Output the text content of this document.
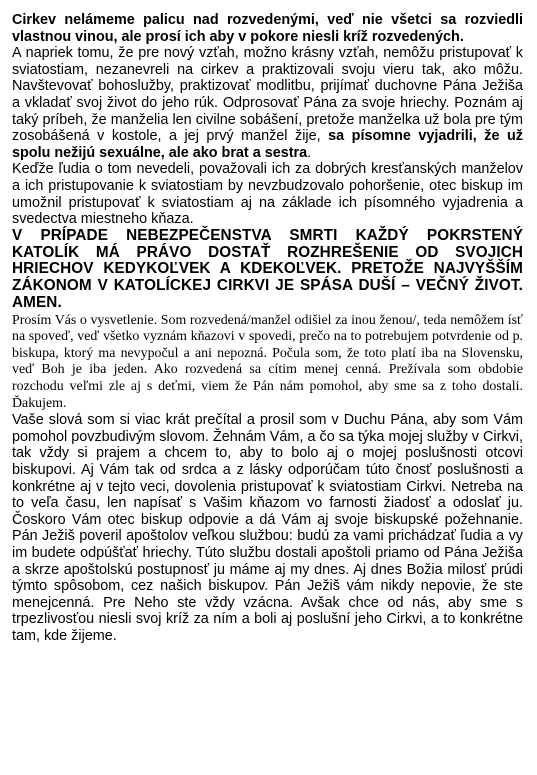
Cirkev nelámeme palicu nad rozvedenými, veď nie všetci sa rozviedli vlastnou vinou, ale prosí ich aby v pokore niesli kríž rozvedených.

A napriek tomu, že pre nový vzťah, možno krásny vzťah, nemôžu pristupovať k sviatostiam, nezanevreli na cirkev a praktizovali svoju vieru tak, ako môžu. Navštevovať bohoslužby, praktizovať modlitbu, prijímať duchovne Pána Ježiša a vkladať svoj život do jeho rúk. Odprosovať Pána za svoje hriechy. Poznám aj taký príbeh, že manželia len civilne sobášení, pretože manželka už bola pre tým zosobášená v kostole, a jej prvý manžel žije, sa písomne vyjadrili, že už spolu nežijú sexuálne, ale ako brat a sestra.

Keďže ľudia o tom nevedeli, považovali ich za dobrých kresťanských manželov a ich pristupovanie k sviatostiam by nevzbudzovalo pohoršenie, otec biskup im umožnil pristupovať k sviatostiam aj na základe ich písomného vyjadrenia a svedectva miestneho kňaza.

V PRÍPADE NEBEZPEČENSTVA SMRTI KAŽDÝ POKRSTENÝ KATOLÍK MÁ PRÁVO DOSTAŤ ROZHREŠENIE OD SVOJICH HRIECHOV KEDYKOĽVEK A KDEKOĽVEK. PRETOŽE NAJVYŠŠÍM ZÁKONOM V KATOLÍCKEJ CIRKVI JE SPÁSA DUŠÍ – VEČNÝ ŽIVOT. AMEN.

Prosím Vás o vysvetlenie. Som rozvedená/manžel odišiel za inou ženou/, teda nemôžem ísť na spoveď, veď všetko vyznám kňazovi v spovedi, prečo na to potrebujem potvrdenie od p. biskupa, ktorý ma nevypočul a ani nepozná. Počula som, že toto platí iba na Slovensku, veď Boh je iba jeden. Ako rozvedená sa cítim menej cenná. Prežívala som obdobie rozchodu veľmi zle aj s deťmi, viem že Pán nám pomohol, aby sme sa z toho dostali. Ďakujem.

Vaše slová som si viac krát prečítal a prosil som v Duchu Pána, aby som Vám pomohol povzbudivým slovom. Žehnám Vám, a čo sa týka mojej služby v Cirkvi, tak vždy si prajem a chcem to, aby to bolo aj o mojej poslušnosti otcovi biskupovi. Aj Vám tak od srdca a z lásky odporúčam túto čnosť poslušnosti a konkrétne aj v tejto veci, dovolenia pristupovať k sviatostiam Cirkvi. Netreba na to veľa času, len napísať s Vašim kňazom vo farnosti žiadosť a odoslať ju. Čoskoro Vám otec biskup odpovie a dá Vám aj svoje biskupské požehnanie. Pán Ježiš poveril apoštolov veľkou službou: budú za vami prichádzať ľudia a vy im budete odpúšťať hriechy. Túto službu dostali apoštoli priamo od Pána Ježiša a skrze apoštolskú postupnosť ju máme aj my dnes. Aj dnes Božia milosť prúdi týmto spôsobom, cez našich biskupov. Pán Ježiš vám nikdy nepovie, že ste menejcenná. Pre Neho ste vždy vzácna. Avšak chce od nás, aby sme s trpezlivosťou niesli svoj kríž za ním a boli aj poslušní jeho Cirkvi, a to konkrétne tam, kde žijeme.
